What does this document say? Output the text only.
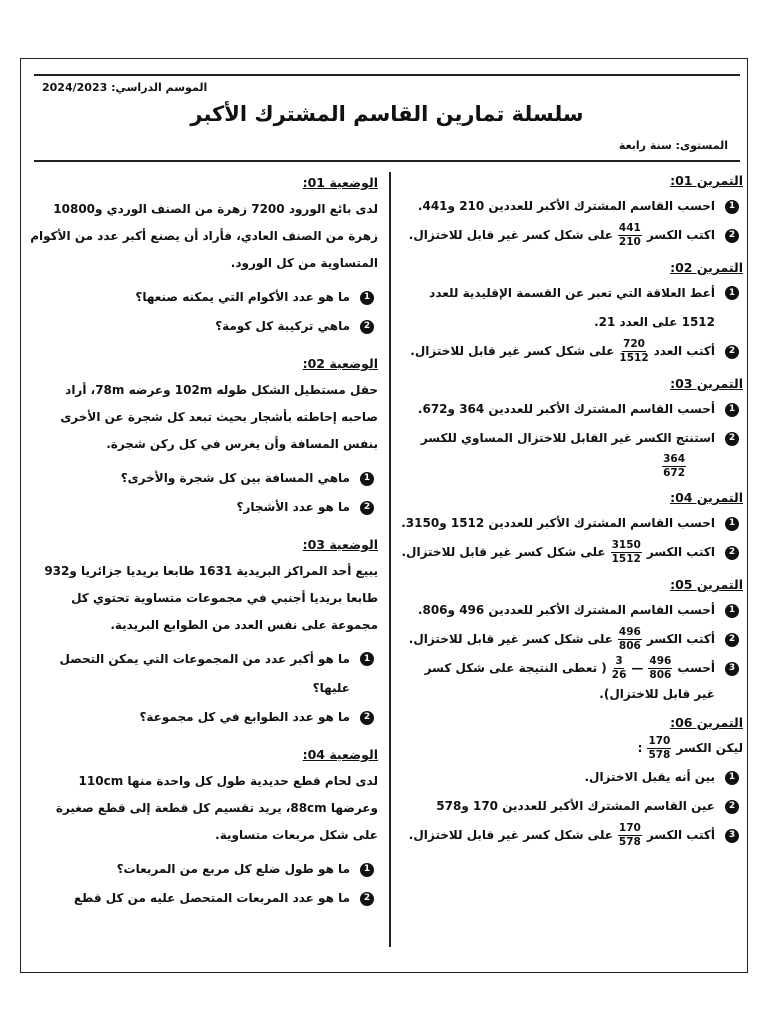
الموسم الدراسي: 2024/2023
سلسلة تمارين القاسم المشترك الأكبر
المستوى: سنة رابعة
التمرين 01:
1
احسب القاسم المشترك الأكبر للعددين 210 و441.
2
اكتب الكسر
$\frac{441}{210}$
على شكل كسر غير قابل للاختزال.
التمرين 02:
1
أعط العلاقة التي تعبر عن القسمة الإقليدية للعدد
1512 على العدد 21.
2
أكتب العدد
$\frac{720}{1512}$
على شكل كسر غير قابل للاختزال.
التمرين 03:
1
أحسب القاسم المشترك الأكبر للعددين 364 و672.
2
استنتج الكسر غير القابل للاختزال المساوي للكسر
$\frac{364}{672}$
التمرين 04:
1
احسب القاسم المشترك الأكبر للعددين 1512 و3150.
2
اكتب الكسر
$\frac{3150}{1512}$
على شكل كسر غير قابل للاختزال.
التمرين 05:
1
أحسب القاسم المشترك الأكبر للعددين 496 و806.
2
أكتب الكسر
$\frac{496}{806}$
على شكل كسر غير قابل للاختزال.
3
أحسب
$\frac{496}{806}$
—
$\frac{3}{26}$
( تعطى النتيجة على شكل كسر
غير قابل للاختزال).
التمرين 06:
ليكن الكسر
$\frac{170}{578}$
:
1
بين أنه يقبل الاختزال.
2
عين القاسم المشترك الأكبر للعددين 170 و578
3
أكتب الكسر
$\frac{170}{578}$
على شكل كسر غير قابل للاختزال.
الوضعية 01:
لدى بائع الورود 7200 زهرة من الصنف الوردي و10800 زهرة من الصنف العادي، فأراد أن يصنع أكبر عدد من الأكوام المتساوية من كل الورود.
1
ما هو عدد الأكوام التي يمكنه صنعها؟
2
ماهي تركيبة كل كومة؟
الوضعية 02:
حقل مستطيل الشكل طوله 102m وعرضه 78m، أراد صاحبه إحاطته بأشجار بحيث تبعد كل شجرة عن الأخرى بنفس المسافة وأن يغرس في كل ركن شجرة.
1
ماهي المسافة بين كل شجرة والأخرى؟
2
ما هو عدد الأشجار؟
الوضعية 03:
يبيع أحد المراكز البريدية 1631 طابعا بريديا جزائريا و932 طابعا بريديا أجنبي في مجموعات متساوية تحتوي كل مجموعة على نفس العدد من الطوابع البريدية.
1
ما هو أكبر عدد من المجموعات التي يمكن التحصل
عليها؟
2
ما هو عدد الطوابع في كل مجموعة؟
الوضعية 04:
لدى لحام قطع حديدية طول كل واحدة منها 110cm وعرضها 88cm، يريد تقسيم كل قطعة إلى قطع صغيرة على شكل مربعات متساوية.
1
ما هو طول ضلع كل مربع من المربعات؟
2
ما هو عدد المربعات المتحصل عليه من كل قطع
